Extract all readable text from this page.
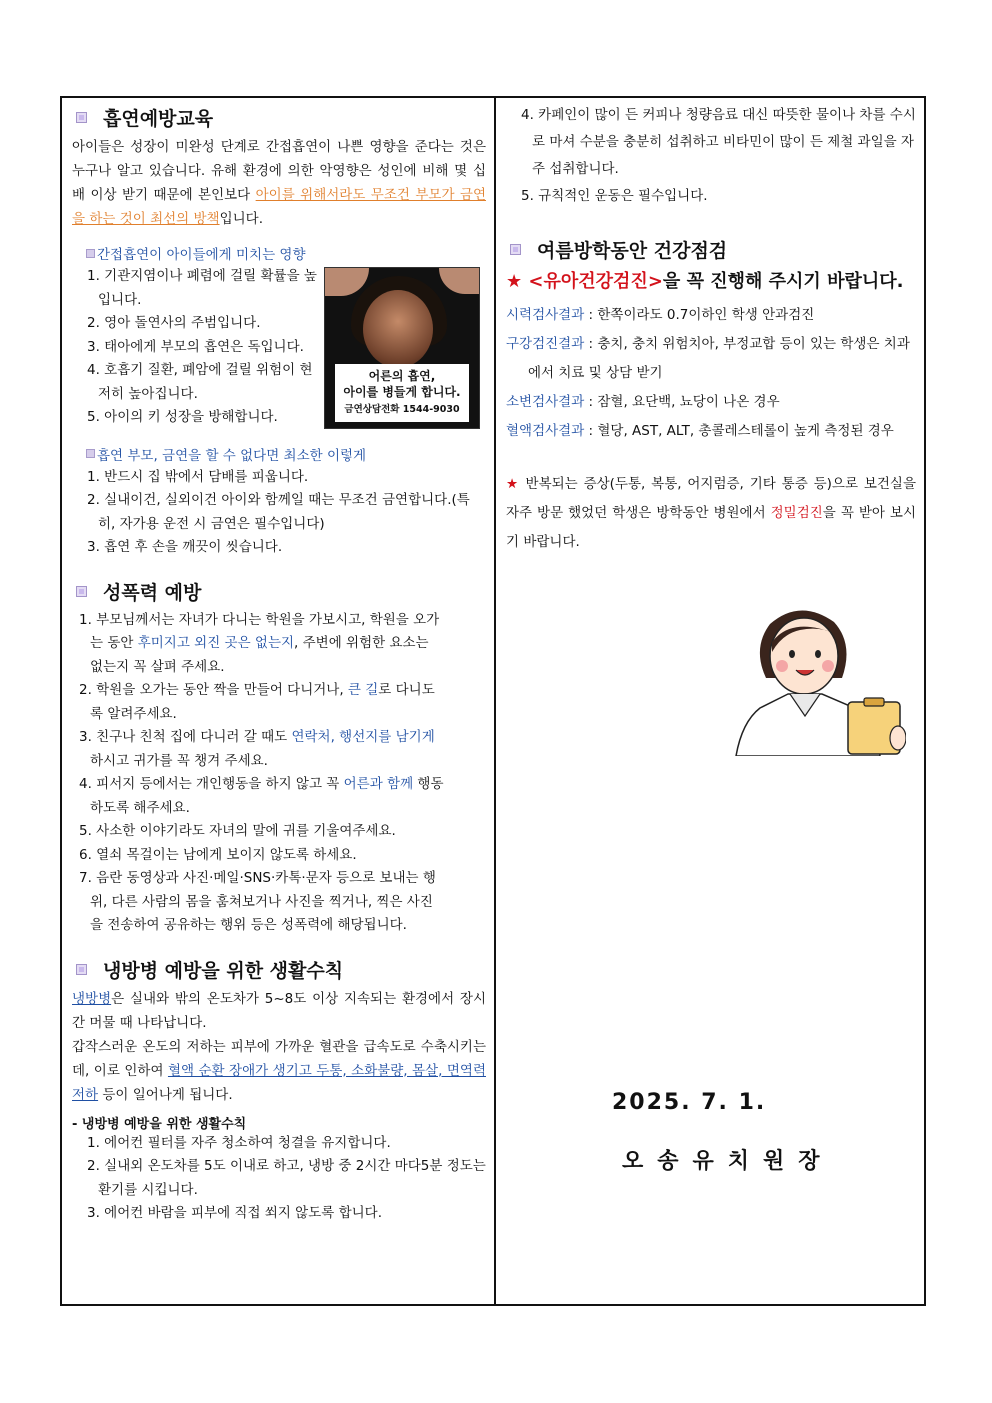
흡연예방교육
아이들은 성장이 미완성 단계로 간접흡연이 나쁜 영향을 준다는 것은 누구나 알고 있습니다. 유해 환경에 의한 악영향은 성인에 비해 몇 십 배 이상 받기 때문에 본인보다 아이를 위해서라도 무조건 부모가 금연을 하는 것이 최선의 방책입니다.
간접흡연이 아이들에게 미치는 영향
1. 기관지염이나 폐렴에 걸릴 확률을 높입니다.
2. 영아 돌연사의 주범입니다.
3. 태아에게 부모의 흡연은 독입니다.
4. 호흡기 질환, 폐암에 걸릴 위험이 현저히 높아집니다.
5. 아이의 키 성장을 방해합니다.
어른의 흡연,
아이를 병들게 합니다.
금연상담전화 1544-9030
흡연 부모, 금연을 할 수 없다면 최소한 이렇게
1. 반드시 집 밖에서 담배를 피웁니다.
2. 실내이건, 실외이건 아이와 함께일 때는 무조건 금연합니다.(특히, 자가용 운전 시 금연은 필수입니다)
3. 흡연 후 손을 깨끗이 씻습니다.
성폭력 예방
1. 부모님께서는 자녀가 다니는 학원을 가보시고, 학원을 오가는 동안 후미지고 외진 곳은 없는지, 주변에 위험한 요소는 없는지 꼭 살펴 주세요.
2. 학원을 오가는 동안 짝을 만들어 다니거나, 큰 길로 다니도록 알려주세요.
3. 친구나 친척 집에 다니러 갈 때도 연락처, 행선지를 남기게 하시고 귀가를 꼭 챙겨 주세요.
4. 피서지 등에서는 개인행동을 하지 않고 꼭 어른과 함께 행동하도록 해주세요.
5. 사소한 이야기라도 자녀의 말에 귀를 기울여주세요.
6. 열쇠 목걸이는 남에게 보이지 않도록 하세요.
7. 음란 동영상과 사진·메일·SNS·카톡·문자 등으로 보내는 행위, 다른 사람의 몸을 훔쳐보거나 사진을 찍거나, 찍은 사진을 전송하여 공유하는 행위 등은 성폭력에 해당됩니다.
냉방병 예방을 위한 생활수칙
냉방병은 실내와 밖의 온도차가 5~8도 이상 지속되는 환경에서 장시간 머물 때 나타납니다.
갑작스러운 온도의 저하는 피부에 가까운 혈관을 급속도로 수축시키는데, 이로 인하여 혈액 순환 장애가 생기고 두통, 소화불량, 몸살, 면역력 저하 등이 일어나게 됩니다.
- 냉방병 예방을 위한 생활수칙
1. 에어컨 필터를 자주 청소하여 청결을 유지합니다.
2. 실내외 온도차를 5도 이내로 하고, 냉방 중 2시간 마다5분 정도는 환기를 시킵니다.
3. 에어컨 바람을 피부에 직접 쐬지 않도록 합니다.
4. 카페인이 많이 든 커피나 청량음료 대신 따뜻한 물이나 차를 수시로 마셔 수분을 충분히 섭취하고 비타민이 많이 든 제철 과일을 자주 섭취합니다.
5. 규칙적인 운동은 필수입니다.
여름방학동안 건강점검
★ <유아건강검진>을 꼭 진행해 주시기 바랍니다.
시력검사결과 : 한쪽이라도 0.7이하인 학생 안과검진
구강검진결과 : 충치, 충치 위험치아, 부정교합 등이 있는 학생은 치과에서 치료 및 상담 받기
소변검사결과 : 잠혈, 요단백, 뇨당이 나온 경우
혈액검사결과 : 혈당, AST, ALT, 총콜레스테롤이 높게 측정된 경우
★ 반복되는 증상(두통, 복통, 어지럼증, 기타 통증 등)으로 보건실을 자주 방문 했었던 학생은 방학동안 병원에서 정밀검진을 꼭 받아 보시기 바랍니다.
2025. 7. 1.
오송유치원장
